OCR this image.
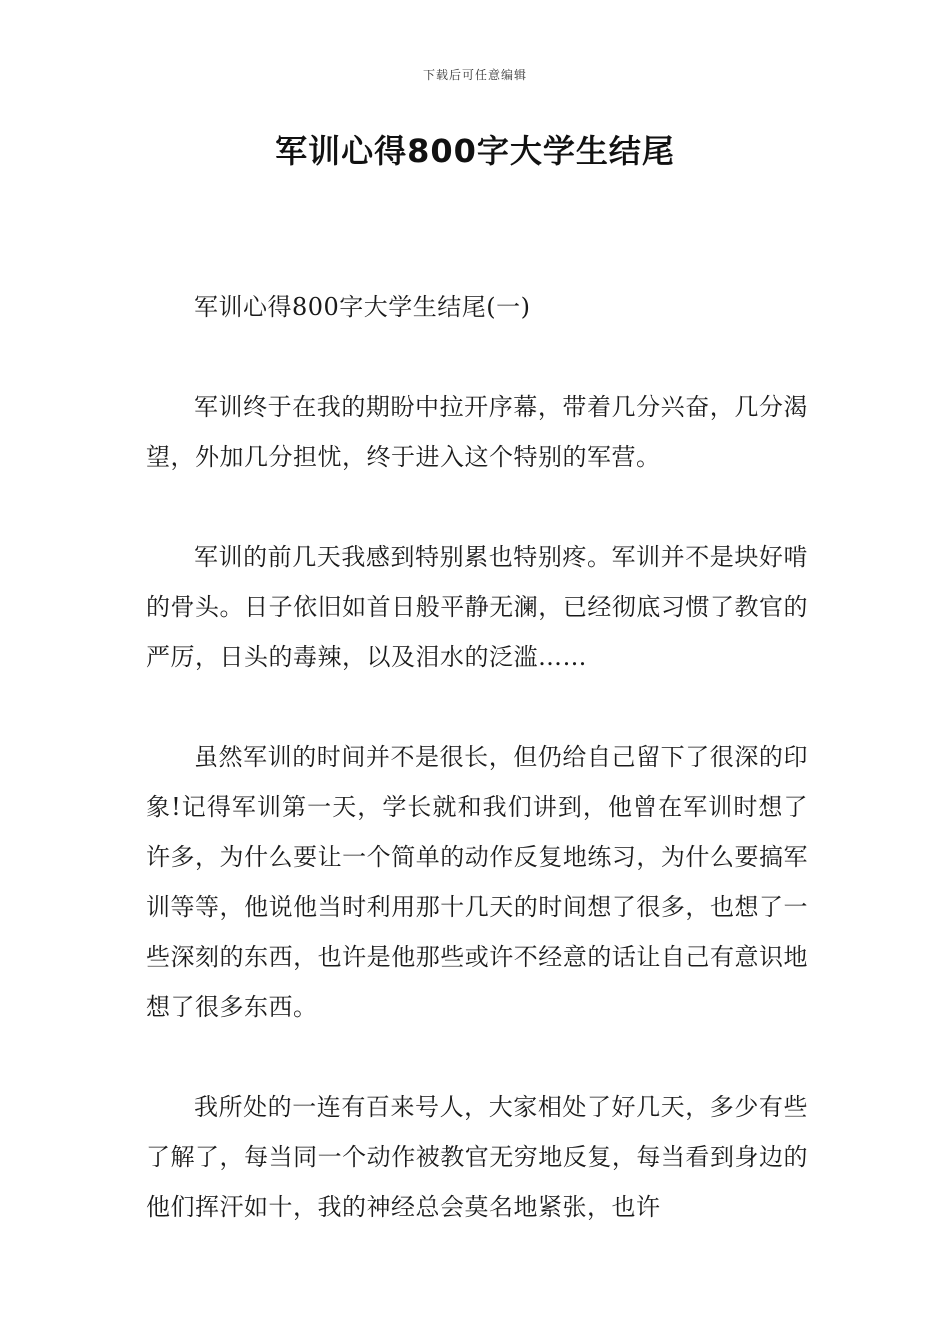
下载后可任意编辑
军训心得800字大学生结尾

军训心得800字大学生结尾(一)

军训终于在我的期盼中拉开序幕，带着几分兴奋，几分渴望，外加几分担忧，终于进入这个特别的军营。

军训的前几天我感到特别累也特别疼。军训并不是块好啃的骨头。日子依旧如首日般平静无澜，已经彻底习惯了教官的严厉，日头的毒辣，以及泪水的泛滥……

虽然军训的时间并不是很长，但仍给自己留下了很深的印象!记得军训第一天，学长就和我们讲到，他曾在军训时想了许多，为什么要让一个简单的动作反复地练习，为什么要搞军训等等，他说他当时利用那十几天的时间想了很多，也想了一些深刻的东西，也许是他那些或许不经意的话让自己有意识地想了很多东西。

我所处的一连有百来号人，大家相处了好几天，多少有些了解了，每当同一个动作被教官无穷地反复，每当看到身边的他们挥汗如十，我的神经总会莫名地紧张，也许
